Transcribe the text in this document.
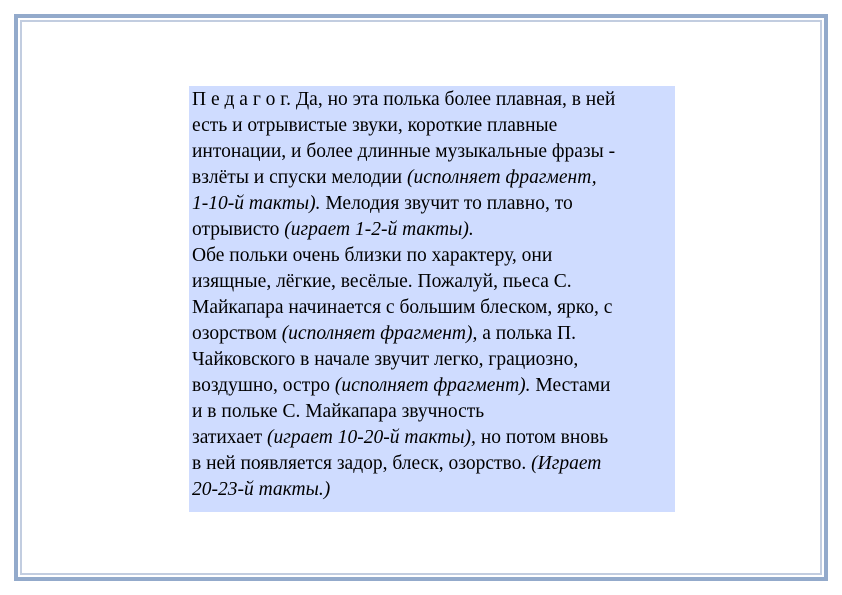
П е д а г о г. Да, но эта полька более плавная, в ней
есть и отрывистые звуки, короткие плавные
интонации, и более длинные музыкальные фразы -
взлёты и спуски мелодии (исполняет фрагмент,
1-10-й такты). Мелодия звучит то плавно, то
отрывисто (играет 1-2-й такты).
Обе польки очень близки по характеру, они
изящные, лёгкие, весёлые. Пожалуй, пьеса С.
Майкапара начинается с большим блеском, ярко, с
озорством (исполняет фрагмент), а полька П.
Чайковского в начале звучит легко, грациозно,
воздушно, остро (исполняет фрагмент). Местами
и в польке С. Майкапара звучность
затихает (играет 10-20-й такты), но потом вновь
в ней появляется задор, блеск, озорство. (Играет
20-23-й такты.)
